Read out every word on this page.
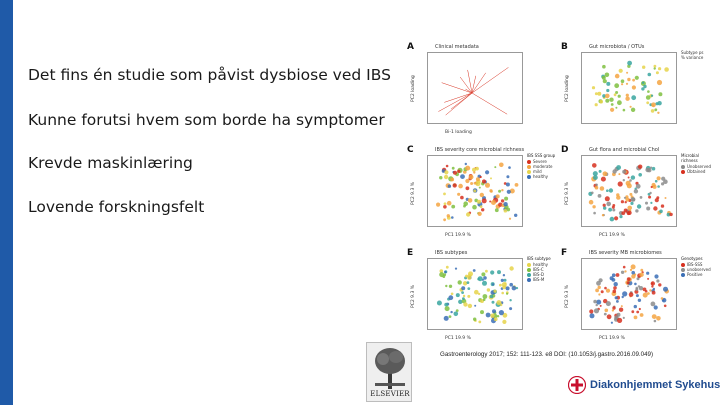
Det fins én studie som påvist dysbiose ved IBS
Kunne forutsi hvem som borde ha symptomer
Krevde maskinlæring
Lovende forskningsfelt
A	Clinical metadata
Bi-1 loading
PC2 loading
B	Gut microbiota / OTUs
PC2 loading
Subtype ps
% variance
C	IBS severity core microbial richness
PC1 19.9 %
PC2 9.3 %
IBS SSS group
Severe
moderate
mild
healthy
D	Gut flora and microbial Chol
PC1 19.9 %
PC2 9.3 %
Microbial richness
Unobserved
Obtained
E	IBS subtypes
PC1 19.9 %
PC2 9.3 %
IBS subtype
healthy
IBS-C
IBS-D
IBS-M
F	IBS severity MB microbiomes
PC1 19.9 %
PC2 9.3 %
Genotypes
IBS-SSS
unobserved
Positive
Gastroenterology 2017; 152: 111-123. e8 DOI: (10.1053/j.gastro.2016.09.049)
ELSEVIER
Diakonhjemmet Sykehus
